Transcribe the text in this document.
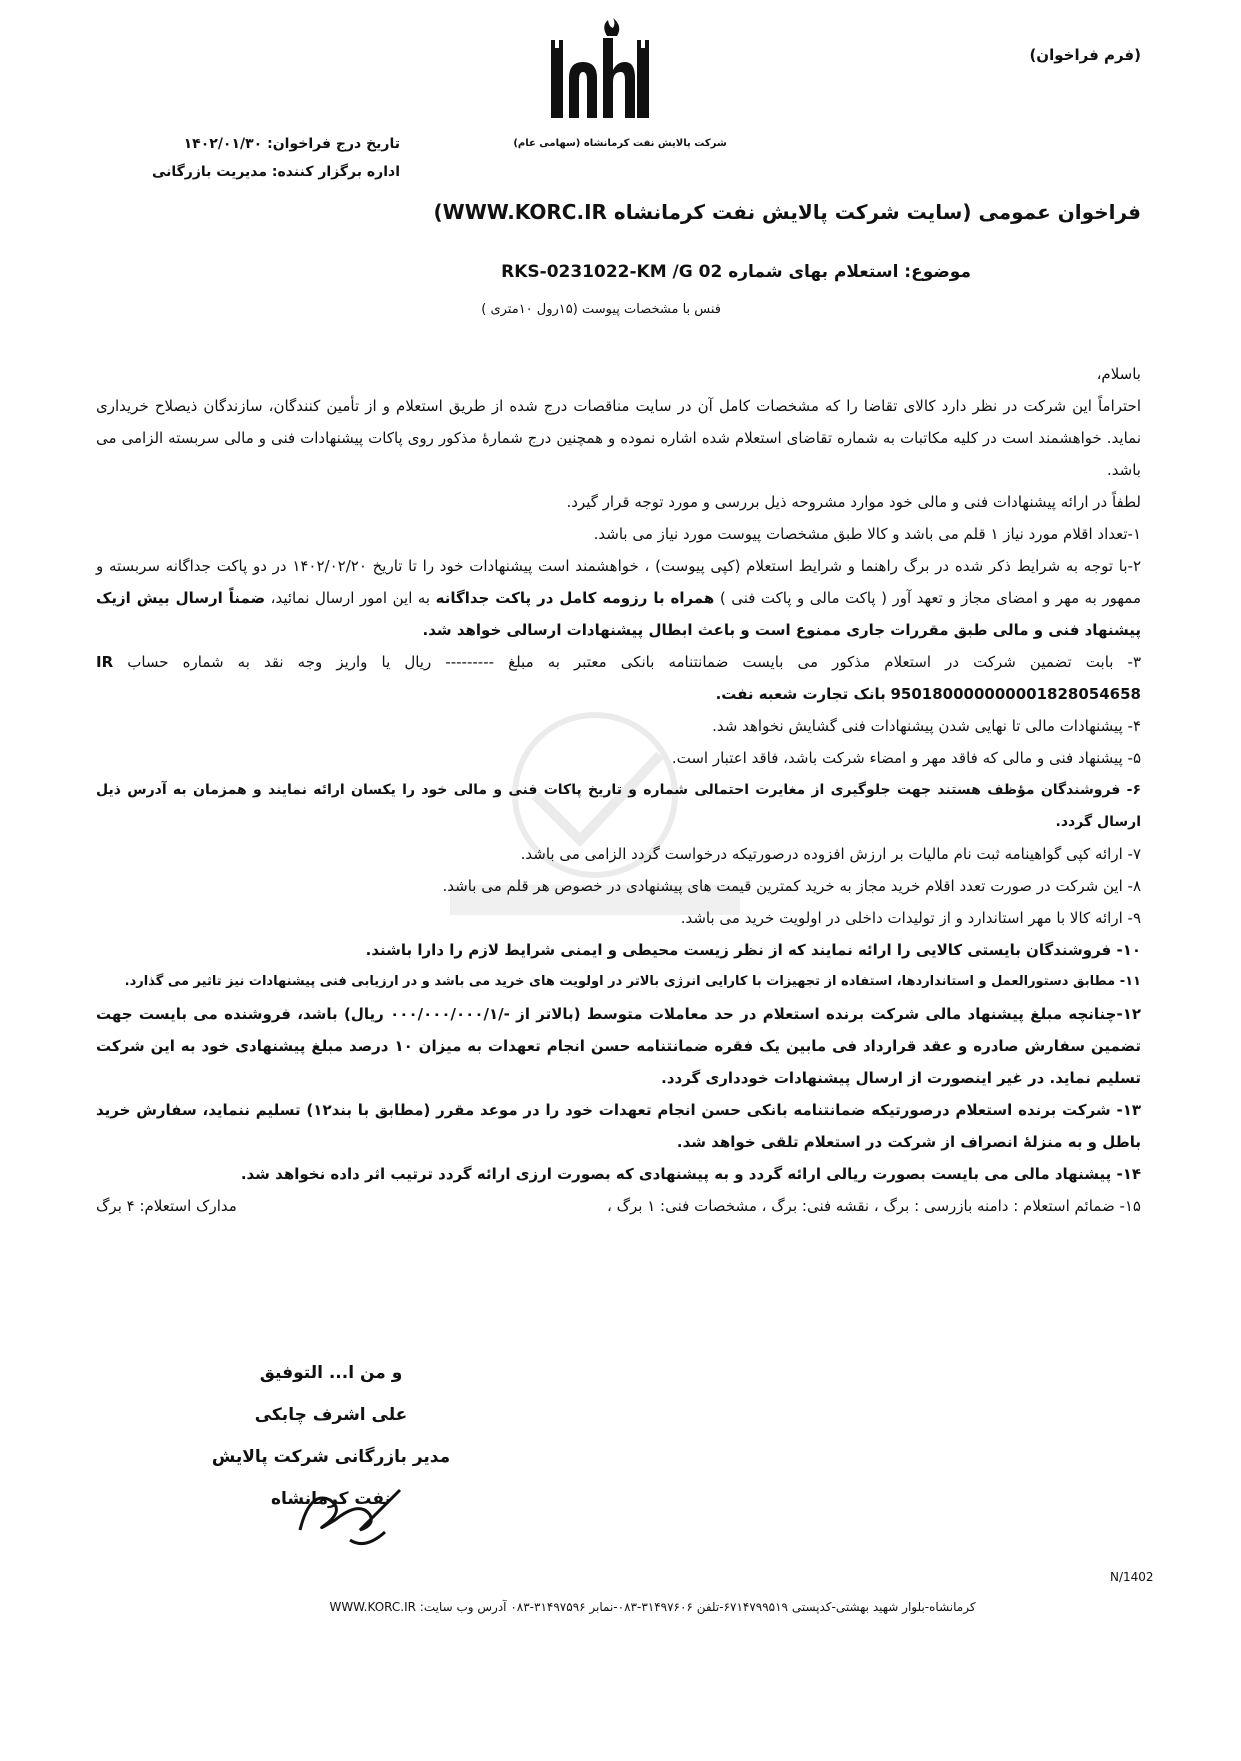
(فرم فراخوان)
شرکت پالایش نفت کرمانشاه (سهامی عام)
تاریخ درج فراخوان: ۱۴۰۲/۰۱/۳۰
اداره برگزار کننده: مدیریت بازرگانی
فراخوان عمومی (سایت شرکت پالایش نفت کرمانشاه WWW.KORC.IR)
موضوع: استعلام بهای شماره RKS-0231022-KM /G 02
فنس با مشخصات پیوست (۱۵رول ۱۰متری )

باسلام،

احتراماً این شرکت در نظر دارد کالای تقاضا را که مشخصات کامل آن در سایت مناقصات درج شده از طریق استعلام و از تأمین کنندگان، سازندگان ذیصلاح خریداری نماید. خواهشمند است در کلیه مکاتبات به شماره تقاضای استعلام شده اشاره نموده و همچنین درج شمارهٔ مذکور روی پاکات پیشنهادات فنی و مالی سربسته الزامی می باشد.

لطفاً در ارائه پیشنهادات فنی و مالی خود موارد مشروحه ذیل بررسی و مورد توجه قرار گیرد.

۱-تعداد اقلام مورد نیاز ۱ قلم می باشد و کالا طبق مشخصات پیوست مورد نیاز می باشد.

۲-با توجه به شرایط ذکر شده در برگ راهنما و شرایط استعلام (کپی پیوست) ، خواهشمند است پیشنهادات خود را تا تاریخ ۱۴۰۲/۰۲/۲۰ در دو پاکت جداگانه سربسته و ممهور به مهر و امضای مجاز و تعهد آور ( پاکت مالی و پاکت فنی ) همراه با رزومه کامل در پاکت جداگانه به این امور ارسال نمائید، ضمناً ارسال بیش ازیک پیشنهاد فنی و مالی طبق مقررات جاری ممنوع است و باعث ابطال پیشنهادات ارسالی خواهد شد.

۳- بابت تضمین شرکت در استعلام مذکور می بایست ضمانتنامه بانکی معتبر به مبلغ --------- ریال یا واریز وجه نقد به شماره حساب IR 950180000000001828054658 بانک تجارت شعبه نفت.

۴- پیشنهادات مالی تا نهایی شدن پیشنهادات فنی گشایش نخواهد شد.

۵- پیشنهاد فنی و مالی که فاقد مهر و امضاء شرکت باشد، فاقد اعتبار است.

۶- فروشندگان مؤظف هستند جهت جلوگیری از مغایرت احتمالی شماره و تاریخ پاکات فنی و مالی خود را یکسان ارائه نمایند و همزمان به آدرس ذیل ارسال گردد.

۷- ارائه کپی گواهینامه ثبت نام مالیات بر ارزش افزوده درصورتیکه درخواست گردد الزامی می باشد.

۸- این شرکت در صورت تعدد اقلام خرید مجاز به خرید کمترین قیمت های پیشنهادی در خصوص هر قلم می باشد.

۹- ارائه کالا با مهر استاندارد و از تولیدات داخلی در اولویت خرید می باشد.

۱۰- فروشندگان بایستی کالایی را ارائه نمایند که از نظر زیست محیطی و ایمنی شرایط لازم را دارا باشند.

۱۱- مطابق دستورالعمل و استانداردها، استفاده از تجهیزات با کارایی انرژی بالاتر در اولویت های خرید می باشد و در ارزیابی فنی پیشنهادات نیز تاثیر می گذارد.

۱۲-چنانچه مبلغ پیشنهاد مالی شرکت برنده استعلام در حد معاملات متوسط (بالاتر از -/۰۰۰/۰۰۰/۰۰۰/۱ ریال) باشد، فروشنده می بایست جهت تضمین سفارش صادره و عقد قرارداد فی مابین یک فقره ضمانتنامه حسن انجام تعهدات به میزان ۱۰ درصد مبلغ پیشنهادی خود به این شرکت تسلیم نماید. در غیر اینصورت از ارسال پیشنهادات خودداری گردد.

۱۳- شرکت برنده استعلام درصورتیکه ضمانتنامه بانکی حسن انجام تعهدات خود را در موعد مقرر (مطابق با بند۱۲) تسلیم ننماید، سفارش خرید باطل و به منزلهٔ انصراف از شرکت در استعلام تلقی خواهد شد.

۱۴- پیشنهاد مالی می بایست بصورت ریالی ارائه گردد و به پیشنهادی که بصورت ارزی ارائه گردد ترتیب اثر داده نخواهد شد.

۱۵- ضمائم استعلام : دامنه بازرسی : برگ ، نقشه فنی: برگ ، مشخصات فنی: ۱ برگ ،
مدارک استعلام: ۴ برگ

و من ا... التوفیق
علی اشرف چابکی
مدیر بازرگانی شرکت پالایش نفت کرمانشاه
N/1402
کرمانشاه-بلوار شهید بهشتی-کدپستی ۶۷۱۴۷۹۹۵۱۹-تلفن ۳۱۴۹۷۶۰۶-۰۸۳-نمابر ۳۱۴۹۷۵۹۶-۰۸۳ آدرس وب سایت: WWW.KORC.IR
